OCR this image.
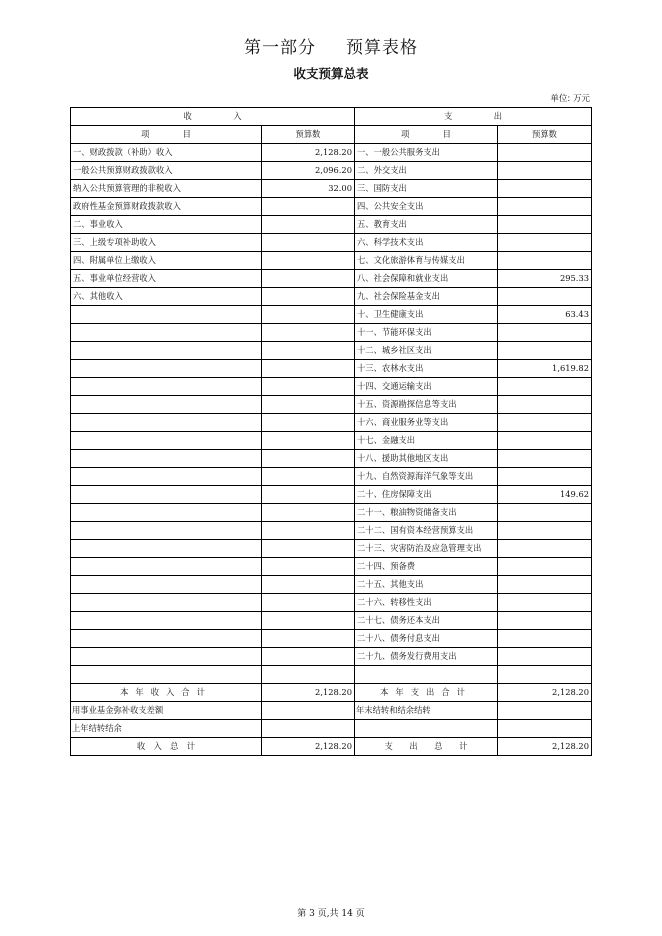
第一部分 预算表格
收支预算总表
单位: 万元
收　　　　　入		支　　　　　出	
项　　　　目	预算数	项　　　　目	预算数
一、财政拨款（补助）收入	2,128.20	一、一般公共服务支出	
一般公共预算财政拨款收入	2,096.20	二、外交支出	
纳入公共预算管理的非税收入	32.00	三、国防支出	
政府性基金预算财政拨款收入		四、公共安全支出	
二、事业收入		五、教育支出	
三、上级专项补助收入		六、科学技术支出	
四、附属单位上缴收入		七、文化旅游体育与传媒支出	
五、事业单位经营收入		八、社会保障和就业支出	295.33
六、其他收入		九、社会保险基金支出	
		十、卫生健康支出	63.43
		十一、节能环保支出	
		十二、城乡社区支出	
		十三、农林水支出	1,619.82
		十四、交通运输支出	
		十五、资源勘探信息等支出	
		十六、商业服务业等支出	
		十七、金融支出	
		十八、援助其他地区支出	
		十九、自然资源海洋气象等支出	
		二十、住房保障支出	149.62
		二十一、粮油物资储备支出	
		二十二、国有资本经营预算支出	
		二十三、灾害防治及应急管理支出	
		二十四、预备费	
		二十五、其他支出	
		二十六、转移性支出	
		二十七、债务还本支出	
		二十八、债务付息支出	
		二十九、债务发行费用支出	

本年收入合计	2,128.20	本年支出合计	2,128.20
用事业基金弥补收支差额		年末结转和结余结转	
上年结转结余			
收　入　总　计	2,128.20	支　　出　　总　　计	2,128.20
第 3 页,共 14 页
